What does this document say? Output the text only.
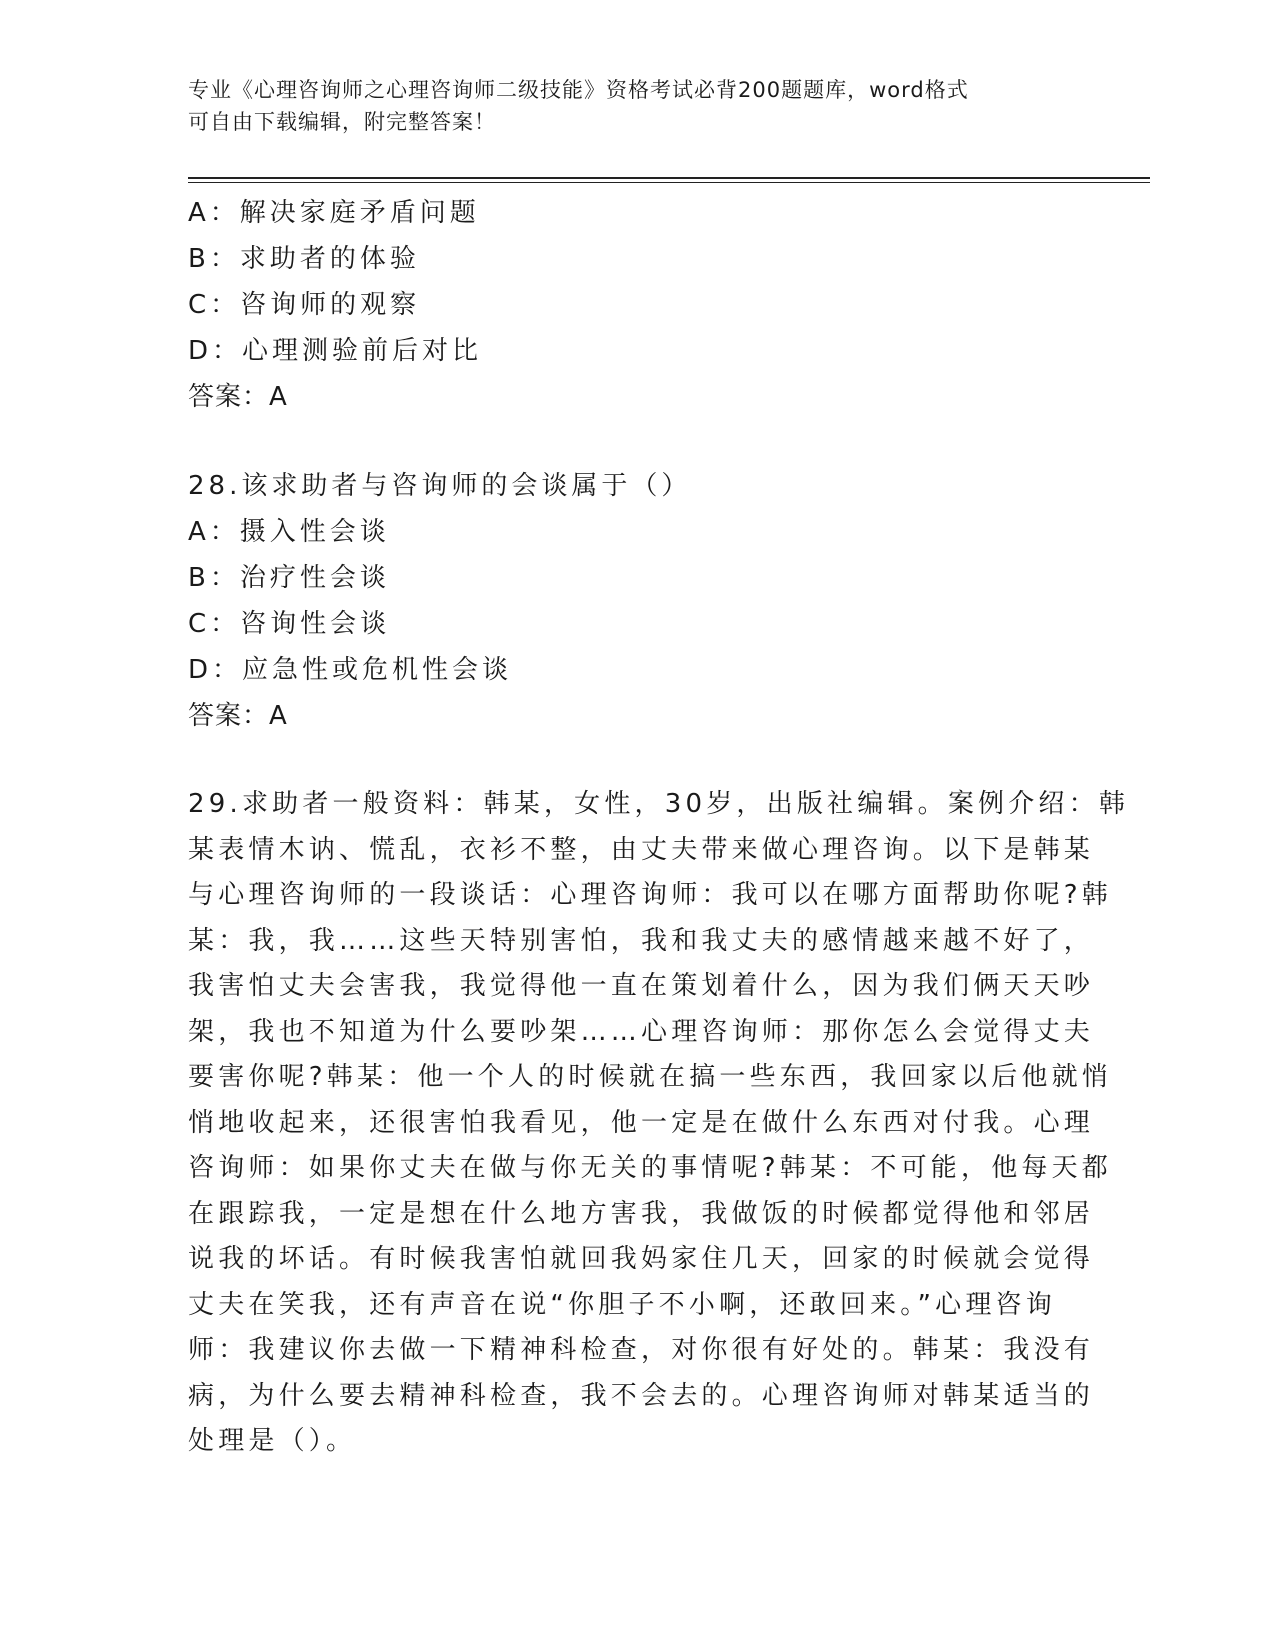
专业《心理咨询师之心理咨询师二级技能》资格考试必背200题题库，word格式
可自由下载编辑，附完整答案！
A：解决家庭矛盾问题
B：求助者的体验
C：咨询师的观察
D：心理测验前后对比
答案：A
28.该求助者与咨询师的会谈属于（）
A：摄入性会谈
B：治疗性会谈
C：咨询性会谈
D：应急性或危机性会谈
答案：A
29.求助者一般资料：韩某，女性，30岁，出版社编辑。案例介绍：韩
某表情木讷、慌乱，衣衫不整，由丈夫带来做心理咨询。以下是韩某
与心理咨询师的一段谈话：心理咨询师：我可以在哪方面帮助你呢?韩
某：我，我……这些天特别害怕，我和我丈夫的感情越来越不好了，
我害怕丈夫会害我，我觉得他一直在策划着什么，因为我们俩天天吵
架，我也不知道为什么要吵架……心理咨询师：那你怎么会觉得丈夫
要害你呢?韩某：他一个人的时候就在搞一些东西，我回家以后他就悄
悄地收起来，还很害怕我看见，他一定是在做什么东西对付我。心理
咨询师：如果你丈夫在做与你无关的事情呢?韩某：不可能，他每天都
在跟踪我，一定是想在什么地方害我，我做饭的时候都觉得他和邻居
说我的坏话。有时候我害怕就回我妈家住几天，回家的时候就会觉得
丈夫在笑我，还有声音在说“你胆子不小啊，还敢回来。”心理咨询
师：我建议你去做一下精神科检查，对你很有好处的。韩某：我没有
病，为什么要去精神科检查，我不会去的。心理咨询师对韩某适当的
处理是（）。
